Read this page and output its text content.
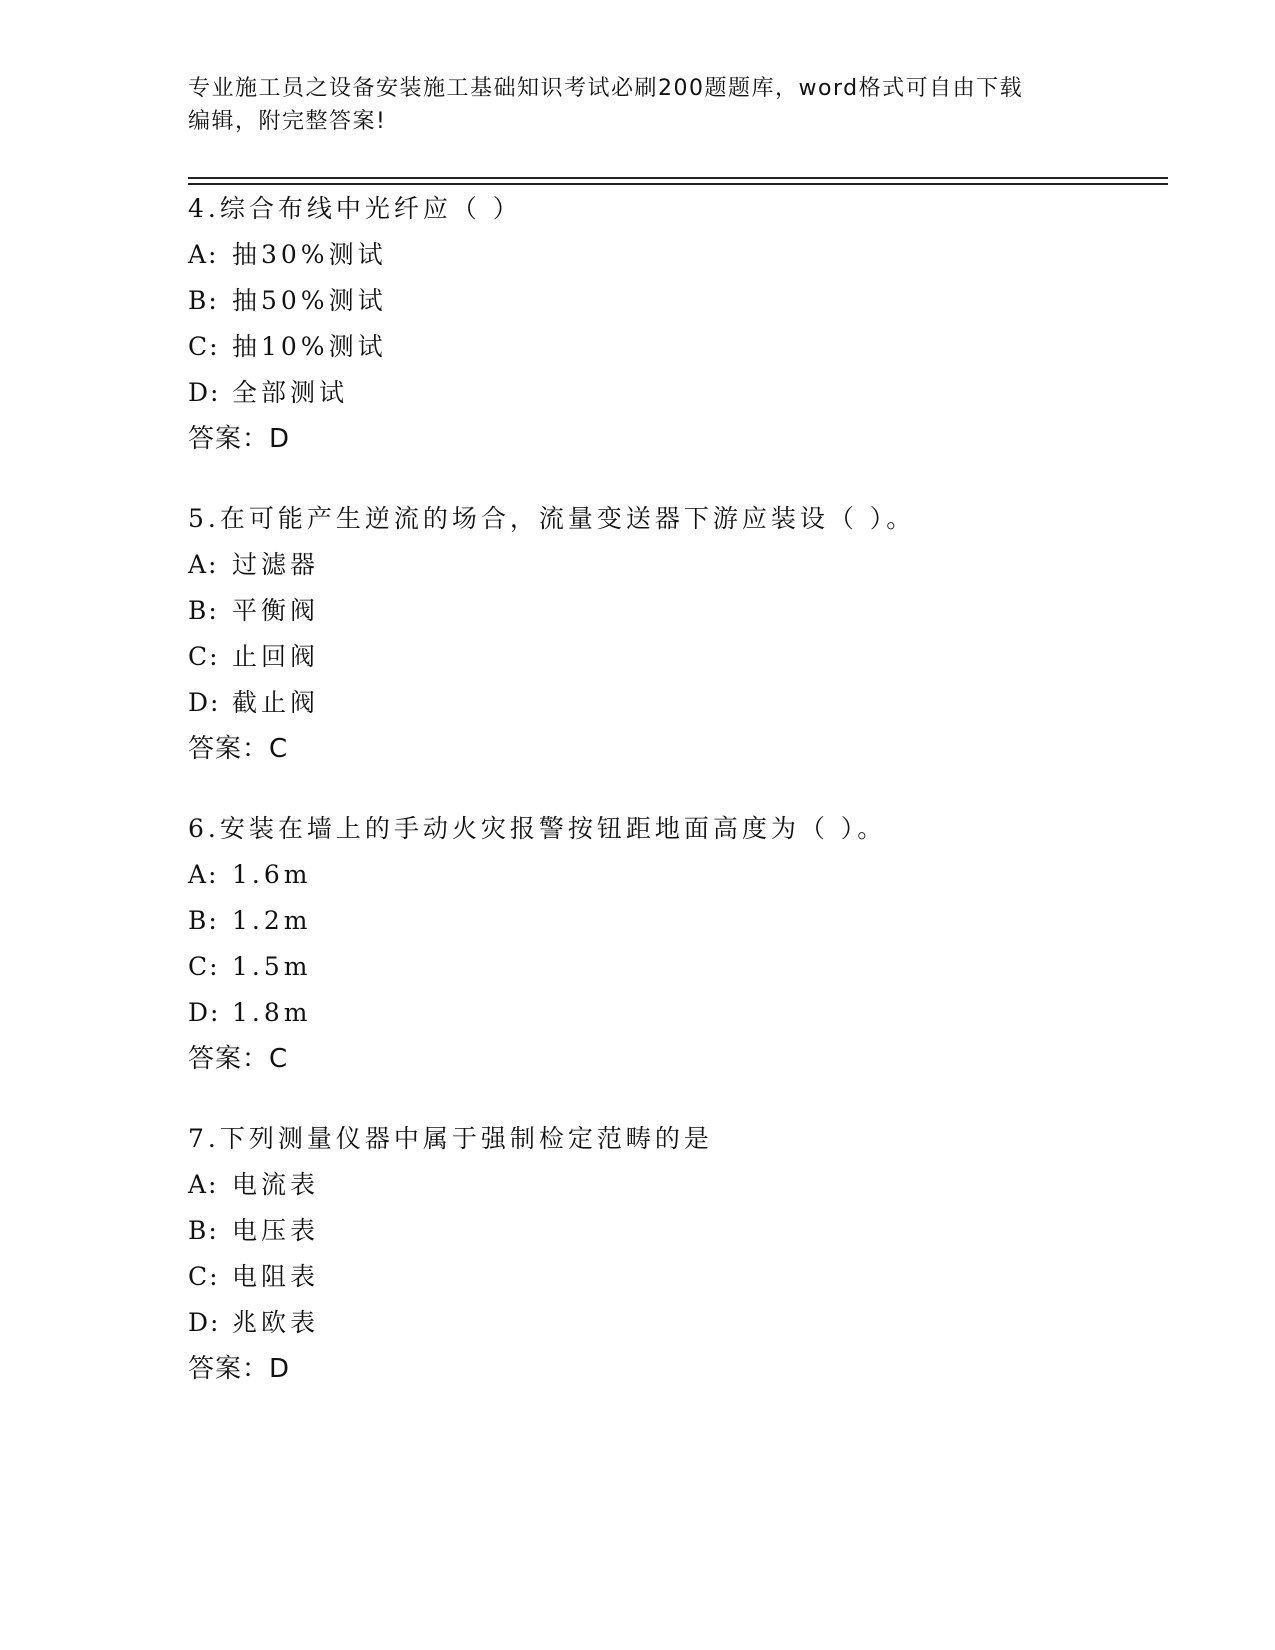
专业施工员之设备安装施工基础知识考试必刷200题题库，word格式可自由下载
编辑，附完整答案!
4.综合布线中光纤应（ ）
A: 抽30%测试
B: 抽50%测试
C: 抽10%测试
D: 全部测试
答案：D
5.在可能产生逆流的场合，流量变送器下游应装设（ ）。
A: 过滤器
B: 平衡阀
C: 止回阀
D: 截止阀
答案：C
6.安装在墙上的手动火灾报警按钮距地面高度为（ ）。
A: 1.6m
B: 1.2m
C: 1.5m
D: 1.8m
答案：C
7.下列测量仪器中属于强制检定范畴的是
A: 电流表
B: 电压表
C: 电阻表
D: 兆欧表
答案：D
